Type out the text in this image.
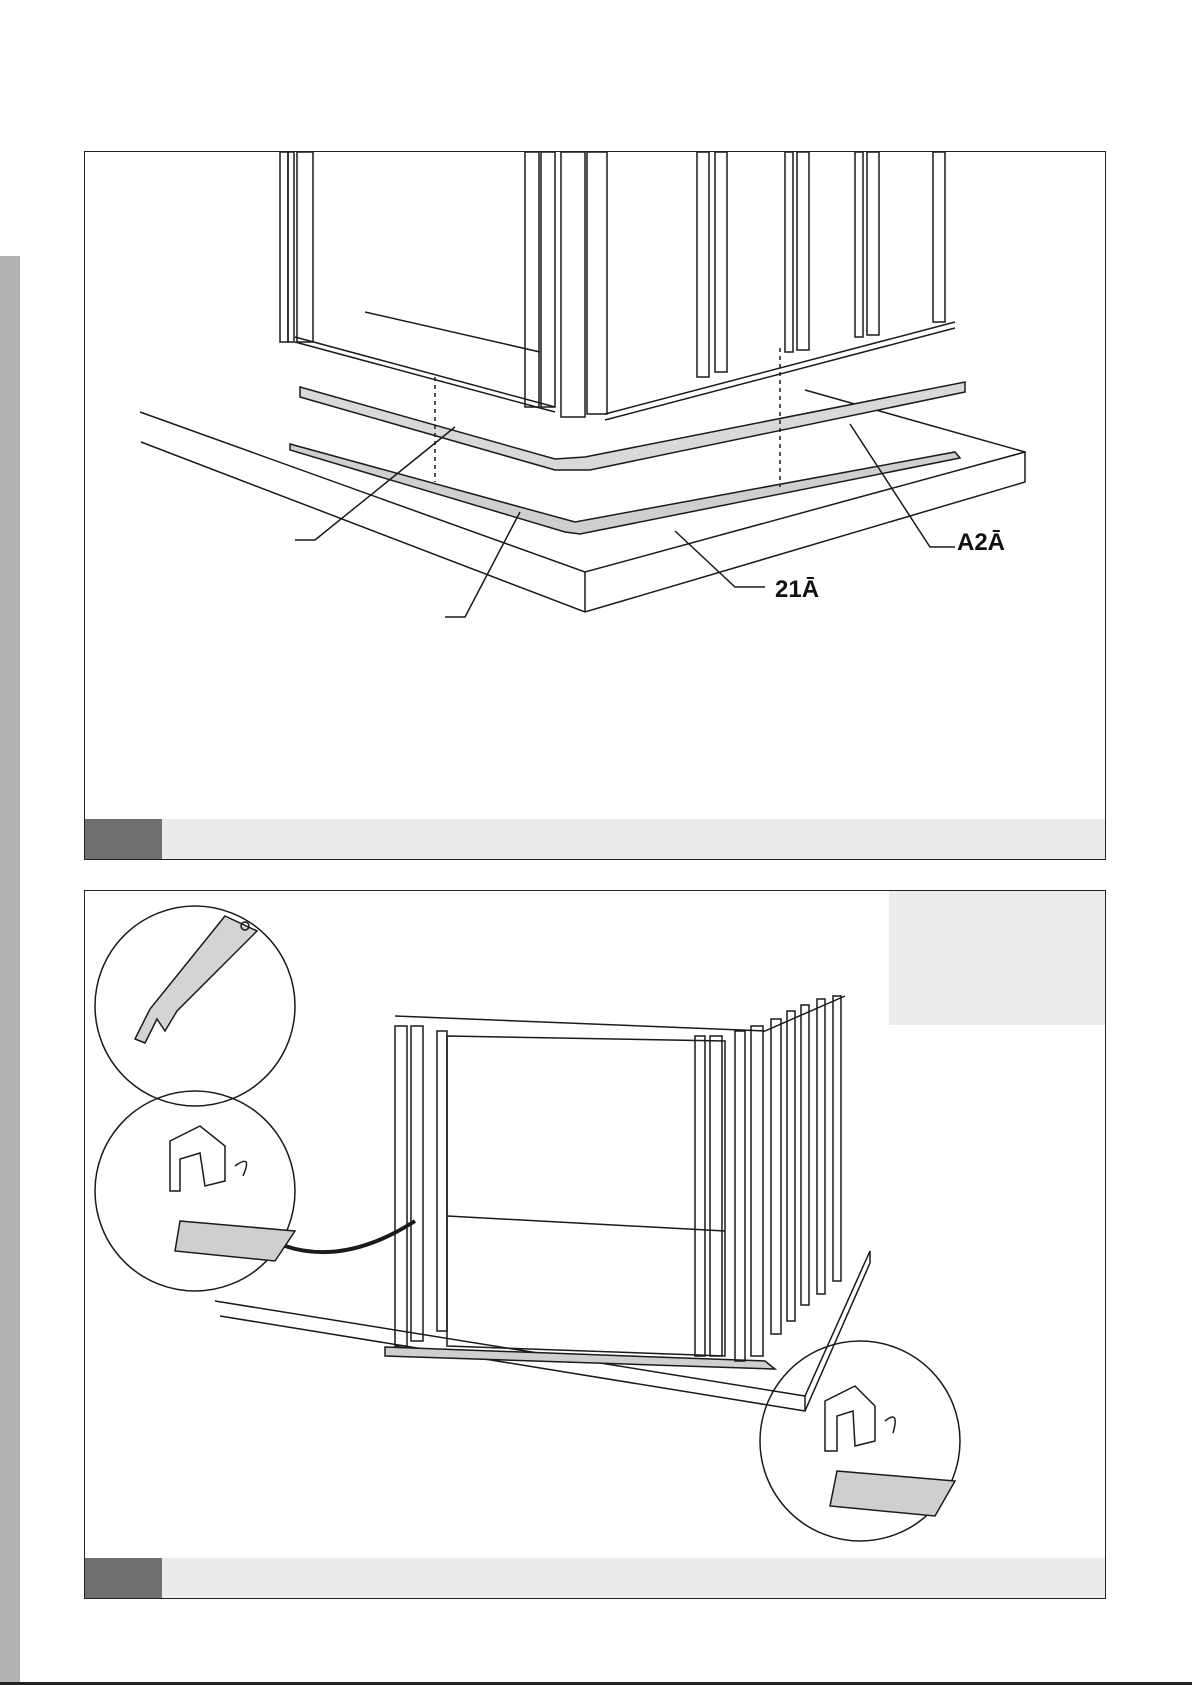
A2Ā
21Ā
